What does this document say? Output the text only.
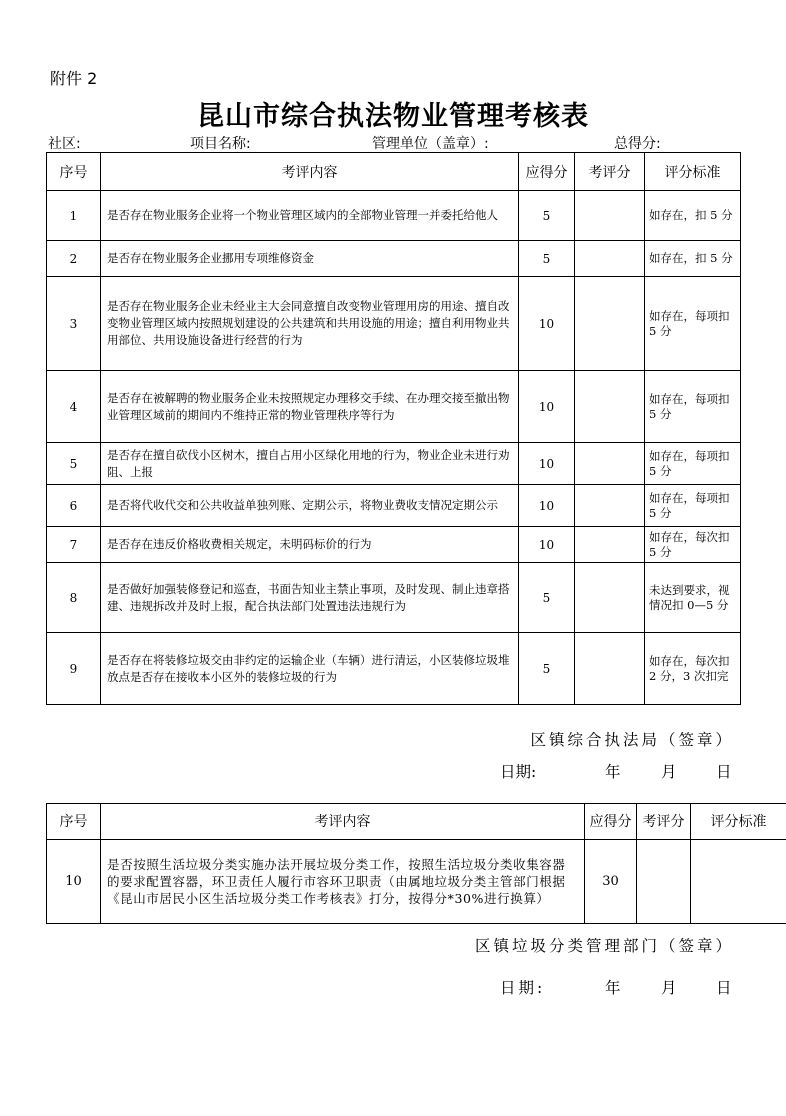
附件 2
昆山市综合执法物业管理考核表
社区:	项目名称:	管理单位（盖章）:	总得分:
序号	考评内容	应得分	考评分	评分标准
1	是否存在物业服务企业将一个物业管理区域内的全部物业管理一并委托给他人	5		如存在，扣 5 分
2	是否存在物业服务企业挪用专项维修资金	5		如存在，扣 5 分
3	是否存在物业服务企业未经业主大会同意擅自改变物业管理用房的用途、擅自改变物业管理区域内按照规划建设的公共建筑和共用设施的用途；擅自利用物业共用部位、共用设施设备进行经营的行为	10		如存在，每项扣 5 分
4	是否存在被解聘的物业服务企业未按照规定办理移交手续、在办理交接至撤出物业管理区域前的期间内不维持正常的物业管理秩序等行为	10		如存在，每项扣 5 分
5	是否存在擅自砍伐小区树木，擅自占用小区绿化用地的行为，物业企业未进行劝阻、上报	10		如存在，每项扣 5 分
6	是否将代收代交和公共收益单独列账、定期公示，将物业费收支情况定期公示	10		如存在，每项扣 5 分
7	是否存在违反价格收费相关规定，未明码标价的行为	10		如存在，每次扣 5 分
8	是否做好加强装修登记和巡查，书面告知业主禁止事项，及时发现、制止违章搭建、违规拆改并及时上报，配合执法部门处置违法违规行为	5		未达到要求，视情况扣 0—5 分
9	是否存在将装修垃圾交由非约定的运输企业（车辆）进行清运，小区装修垃圾堆放点是否存在接收本小区外的装修垃圾的行为	5		如存在，每次扣 2 分，3 次扣完
区镇综合执法局（签章）
日期:	年	月	日
序号	考评内容	应得分	考评分	评分标准
10	是否按照生活垃圾分类实施办法开展垃圾分类工作，按照生活垃圾分类收集容器的要求配置容器，环卫责任人履行市容环卫职责（由属地垃圾分类主管部门根据《昆山市居民小区生活垃圾分类工作考核表》打分，按得分*30%进行换算）	30		
区镇垃圾分类管理部门（签章）
日期:	年	月	日
